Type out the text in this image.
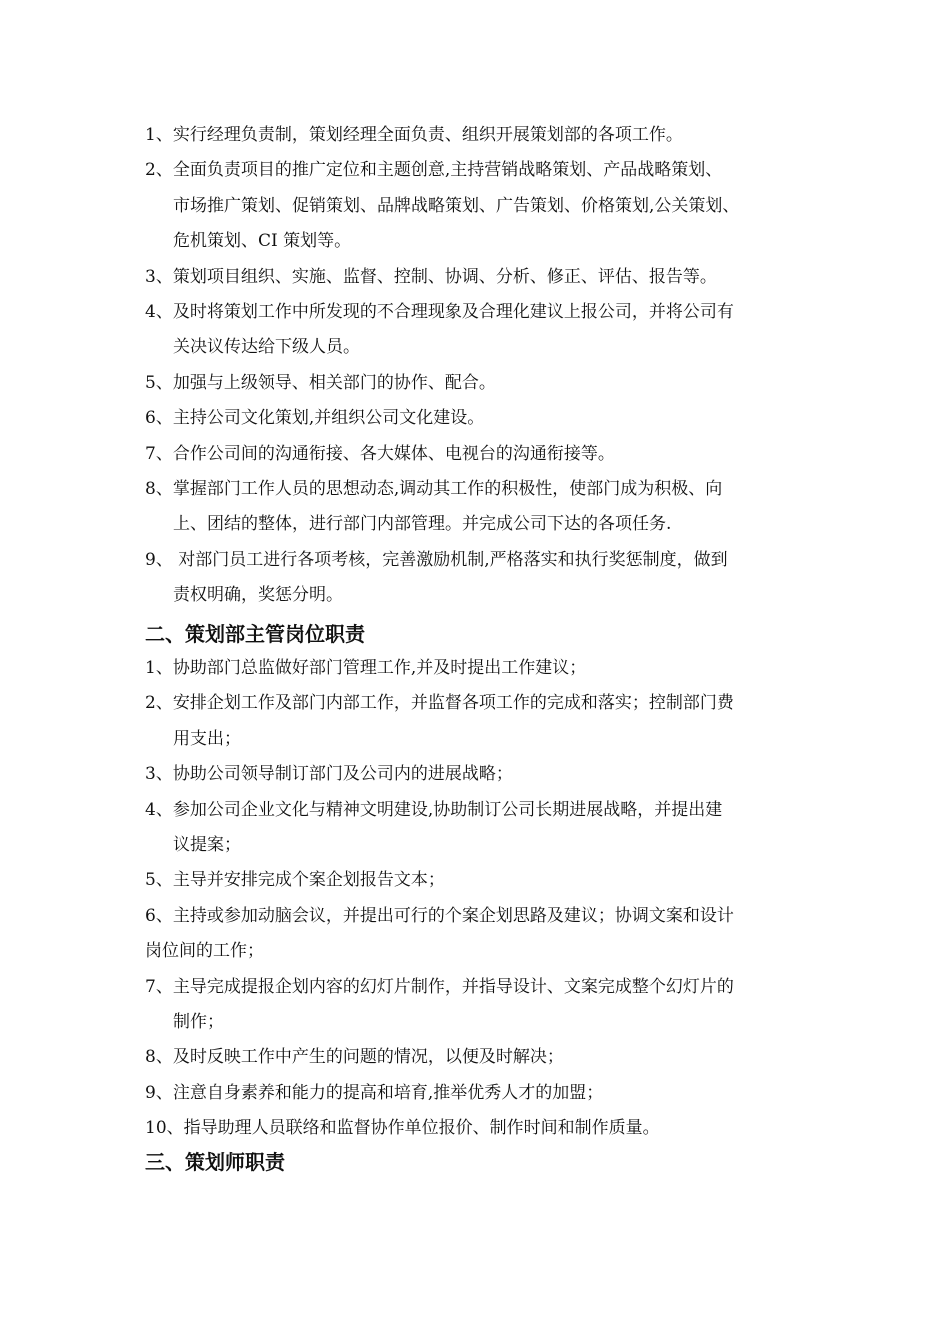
1、实行经理负责制，策划经理全面负责、组织开展策划部的各项工作。
2、全面负责项目的推广定位和主题创意,主持营销战略策划、产品战略策划、
市场推广策划、促销策划、品牌战略策划、广告策划、价格策划,公关策划、
危机策划、CI 策划等。
3、策划项目组织、实施、监督、控制、协调、分析、修正、评估、报告等。
4、及时将策划工作中所发现的不合理现象及合理化建议上报公司，并将公司有
关决议传达给下级人员。
5、加强与上级领导、相关部门的协作、配合。
6、主持公司文化策划,并组织公司文化建设。
7、合作公司间的沟通衔接、各大媒体、电视台的沟通衔接等。
8、掌握部门工作人员的思想动态,调动其工作的积极性，使部门成为积极、向
上、团结的整体，进行部门内部管理。并完成公司下达的各项任务.
9、 对部门员工进行各项考核，完善激励机制,严格落实和执行奖惩制度，做到
责权明确，奖惩分明。
二、策划部主管岗位职责
1、协助部门总监做好部门管理工作,并及时提出工作建议；
2、安排企划工作及部门内部工作，并监督各项工作的完成和落实；控制部门费
用支出；
3、协助公司领导制订部门及公司内的进展战略；
4、参加公司企业文化与精神文明建设,协助制订公司长期进展战略，并提出建
议提案；
5、主导并安排完成个案企划报告文本；
6、主持或参加动脑会议，并提出可行的个案企划思路及建议；协调文案和设计
岗位间的工作；
7、主导完成提报企划内容的幻灯片制作，并指导设计、文案完成整个幻灯片的
制作；
8、及时反映工作中产生的问题的情况，以便及时解决；
9、注意自身素养和能力的提高和培育,推举优秀人才的加盟；
10、指导助理人员联络和监督协作单位报价、制作时间和制作质量。
三、策划师职责
